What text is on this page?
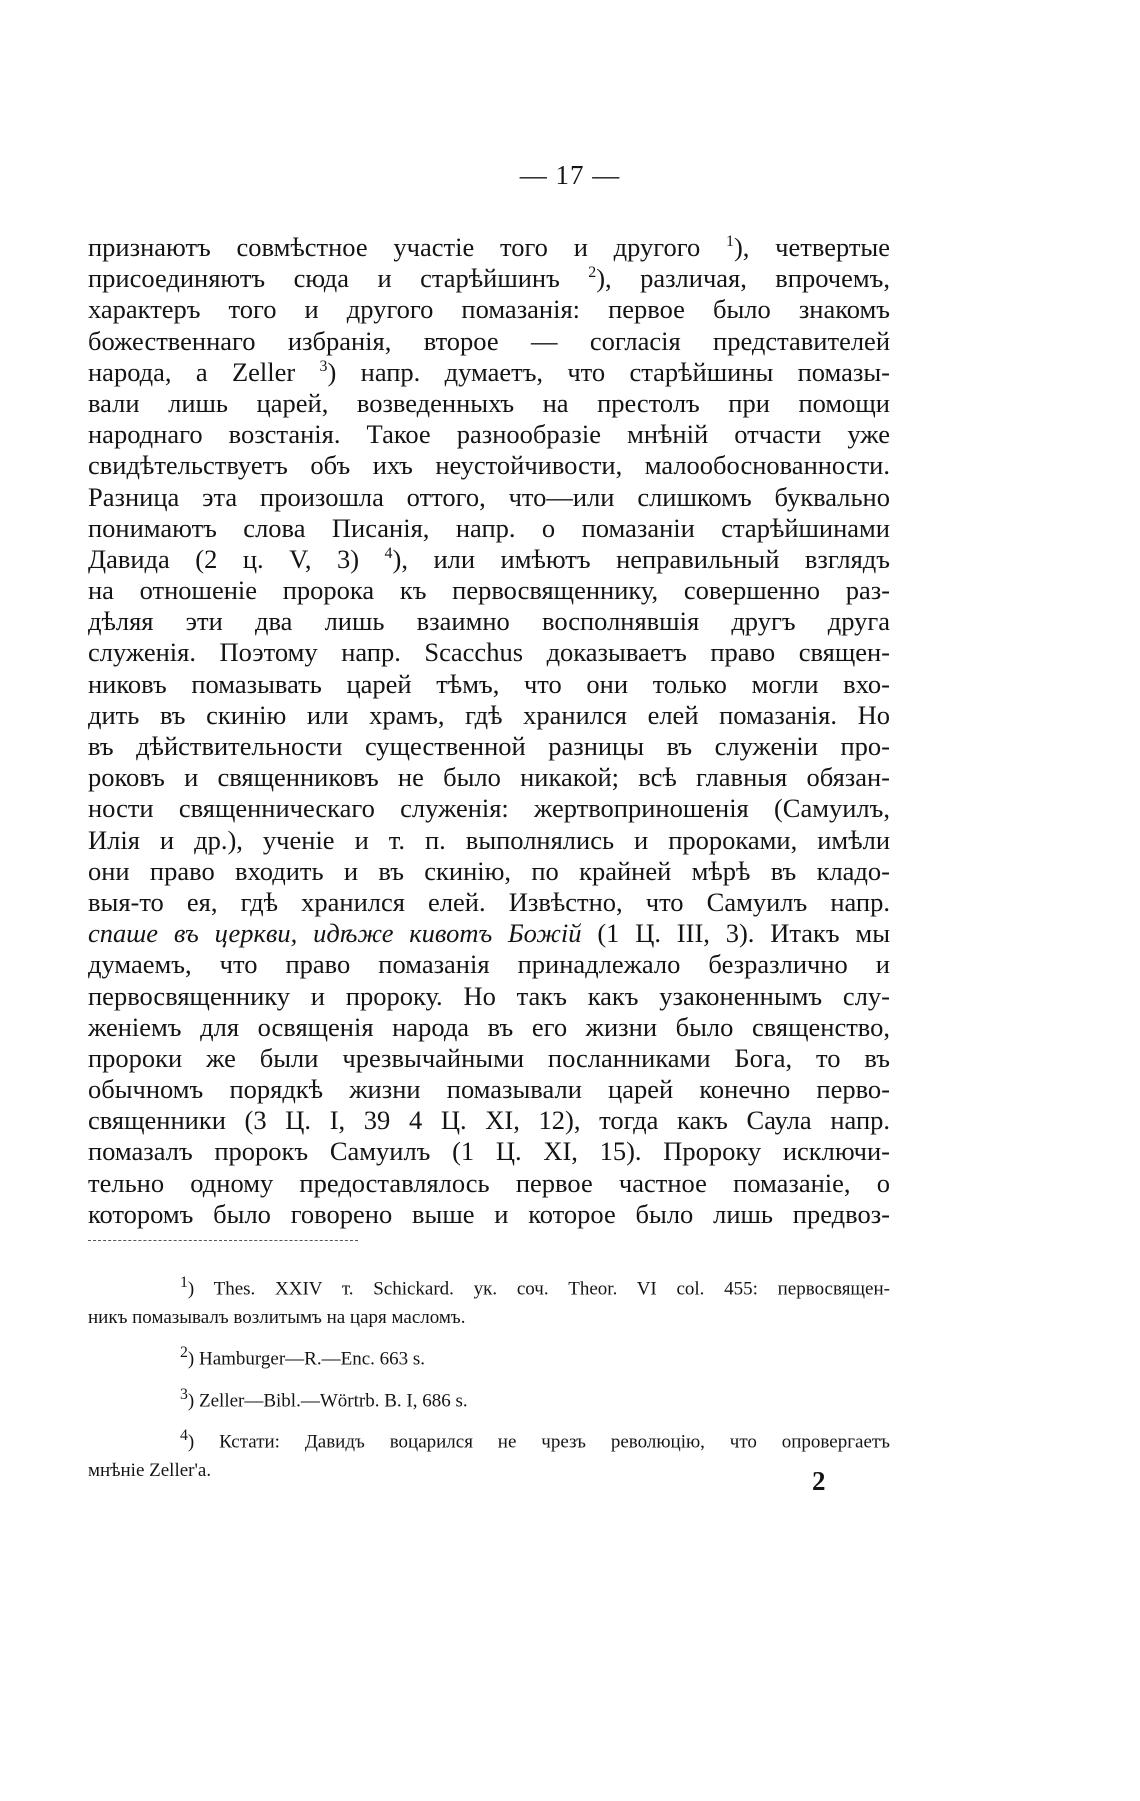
— 17 —
признаютъ совмѣстное участіе того и другого $^1$), четвертые
присоединяютъ сюда и старѣйшинъ $^2$), различая, впрочемъ,
характеръ того и другого помазанія: первое было знакомъ
божественнаго избранія, второе — согласія представителей
народа, а Zeller $^3$) напр. думаетъ, что старѣйшины помазы-
вали лишь царей, возведенныхъ на престолъ при помощи
народнаго возстанія. Такое разнообразіе мнѣній отчасти уже
свидѣтельствуетъ объ ихъ неустойчивости, малообоснованности.
Разница эта произошла оттого, что—или слишкомъ буквально
понимаютъ слова Писанія, напр. о помазаніи старѣйшинами
Давида (2 ц. V, 3) $^4$), или имѣютъ неправильный взглядъ
на отношеніе пророка къ первосвященнику, совершенно раз-
дѣляя эти два лишь взаимно восполнявшія другъ друга
служенія. Поэтому напр. Scacchus доказываетъ право священ-
никовъ помазывать царей тѣмъ, что они только могли вхо-
дить въ скинію или храмъ, гдѣ хранился елей помазанія. Но
въ дѣйствительности существенной разницы въ служеніи про-
роковъ и священниковъ не было никакой; всѣ главныя обязан-
ности священническаго служенія: жертвоприношенія (Самуилъ,
Илія и др.), ученіе и т. п. выполнялись и пророками, имѣли
они право входить и въ скинію, по крайней мѣрѣ въ кладо-
выя-то ея, гдѣ хранился елей. Извѣстно, что Самуилъ напр.
спаше въ церкви, идѣже кивотъ Божій (1 Ц. III, 3). Итакъ мы
думаемъ, что право помазанія принадлежало безразлично и
первосвященнику и пророку. Но такъ какъ узаконеннымъ слу-
женіемъ для освященія народа въ его жизни было священство,
пророки же были чрезвычайными посланниками Бога, то въ
обычномъ порядкѣ жизни помазывали царей конечно перво-
священники (3 Ц. I, 39 4 Ц. XI, 12), тогда какъ Саула напр.
помазалъ пророкъ Самуилъ (1 Ц. XI, 15). Пророку исключи-
тельно одному предоставлялось первое частное помазаніе, о
которомъ было говорено выше и которое было лишь предвоз-
$^1$) Thes. XXIV т. Schickard. ук. соч. Theor. VI col. 455: первосвящен-
никъ помазывалъ возлитымъ на царя масломъ.
$^2$) Hamburger—R.—Enc. 663 s.
$^3$) Zeller—Bibl.—Wörtrb. B. I, 686 s.
$^4$) Кстати: Давидъ воцарился не чрезъ революцію, что опровергаетъ
мнѣніе Zeller'a.	2
